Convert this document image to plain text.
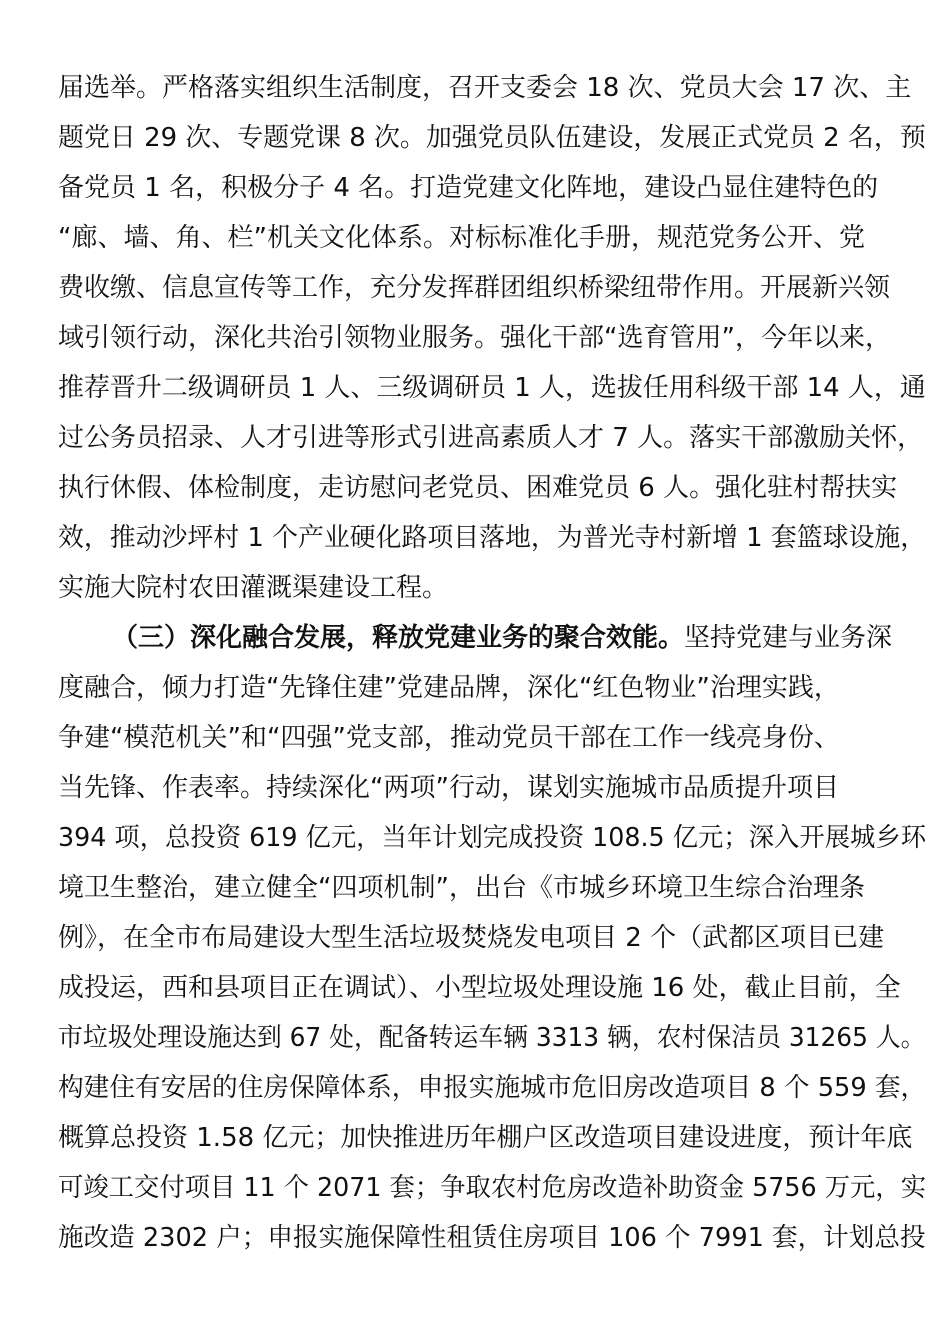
届选举。严格落实组织生活制度，召开支委会 18 次、党员大会 17 次、主
题党日 29 次、专题党课 8 次。加强党员队伍建设，发展正式党员 2 名，预
备党员 1 名，积极分子 4 名。打造党建文化阵地，建设凸显住建特色的
“廊、墙、角、栏”机关文化体系。对标标准化手册，规范党务公开、党
费收缴、信息宣传等工作，充分发挥群团组织桥梁纽带作用。开展新兴领
域引领行动，深化共治引领物业服务。强化干部“选育管用”，今年以来，
推荐晋升二级调研员 1 人、三级调研员 1 人，选拔任用科级干部 14 人，通
过公务员招录、人才引进等形式引进高素质人才 7 人。落实干部激励关怀，
执行休假、体检制度，走访慰问老党员、困难党员 6 人。强化驻村帮扶实
效，推动沙坪村 1 个产业硬化路项目落地，为普光寺村新增 1 套篮球设施，
实施大院村农田灌溉渠建设工程。
（三）深化融合发展，释放党建业务的聚合效能。坚持党建与业务深
度融合，倾力打造“先锋住建”党建品牌，深化“红色物业”治理实践，
争建“模范机关”和“四强”党支部，推动党员干部在工作一线亮身份、
当先锋、作表率。持续深化“两项”行动，谋划实施城市品质提升项目
394 项，总投资 619 亿元，当年计划完成投资 108.5 亿元；深入开展城乡环
境卫生整治，建立健全“四项机制”，出台《市城乡环境卫生综合治理条
例》，在全市布局建设大型生活垃圾焚烧发电项目 2 个（武都区项目已建
成投运，西和县项目正在调试）、小型垃圾处理设施 16 处，截止目前，全
市垃圾处理设施达到 67 处，配备转运车辆 3313 辆，农村保洁员 31265 人。
构建住有安居的住房保障体系，申报实施城市危旧房改造项目 8 个 559 套，
概算总投资 1.58 亿元；加快推进历年棚户区改造项目建设进度，预计年底
可竣工交付项目 11 个 2071 套；争取农村危房改造补助资金 5756 万元，实
施改造 2302 户；申报实施保障性租赁住房项目 106 个 7991 套，计划总投
